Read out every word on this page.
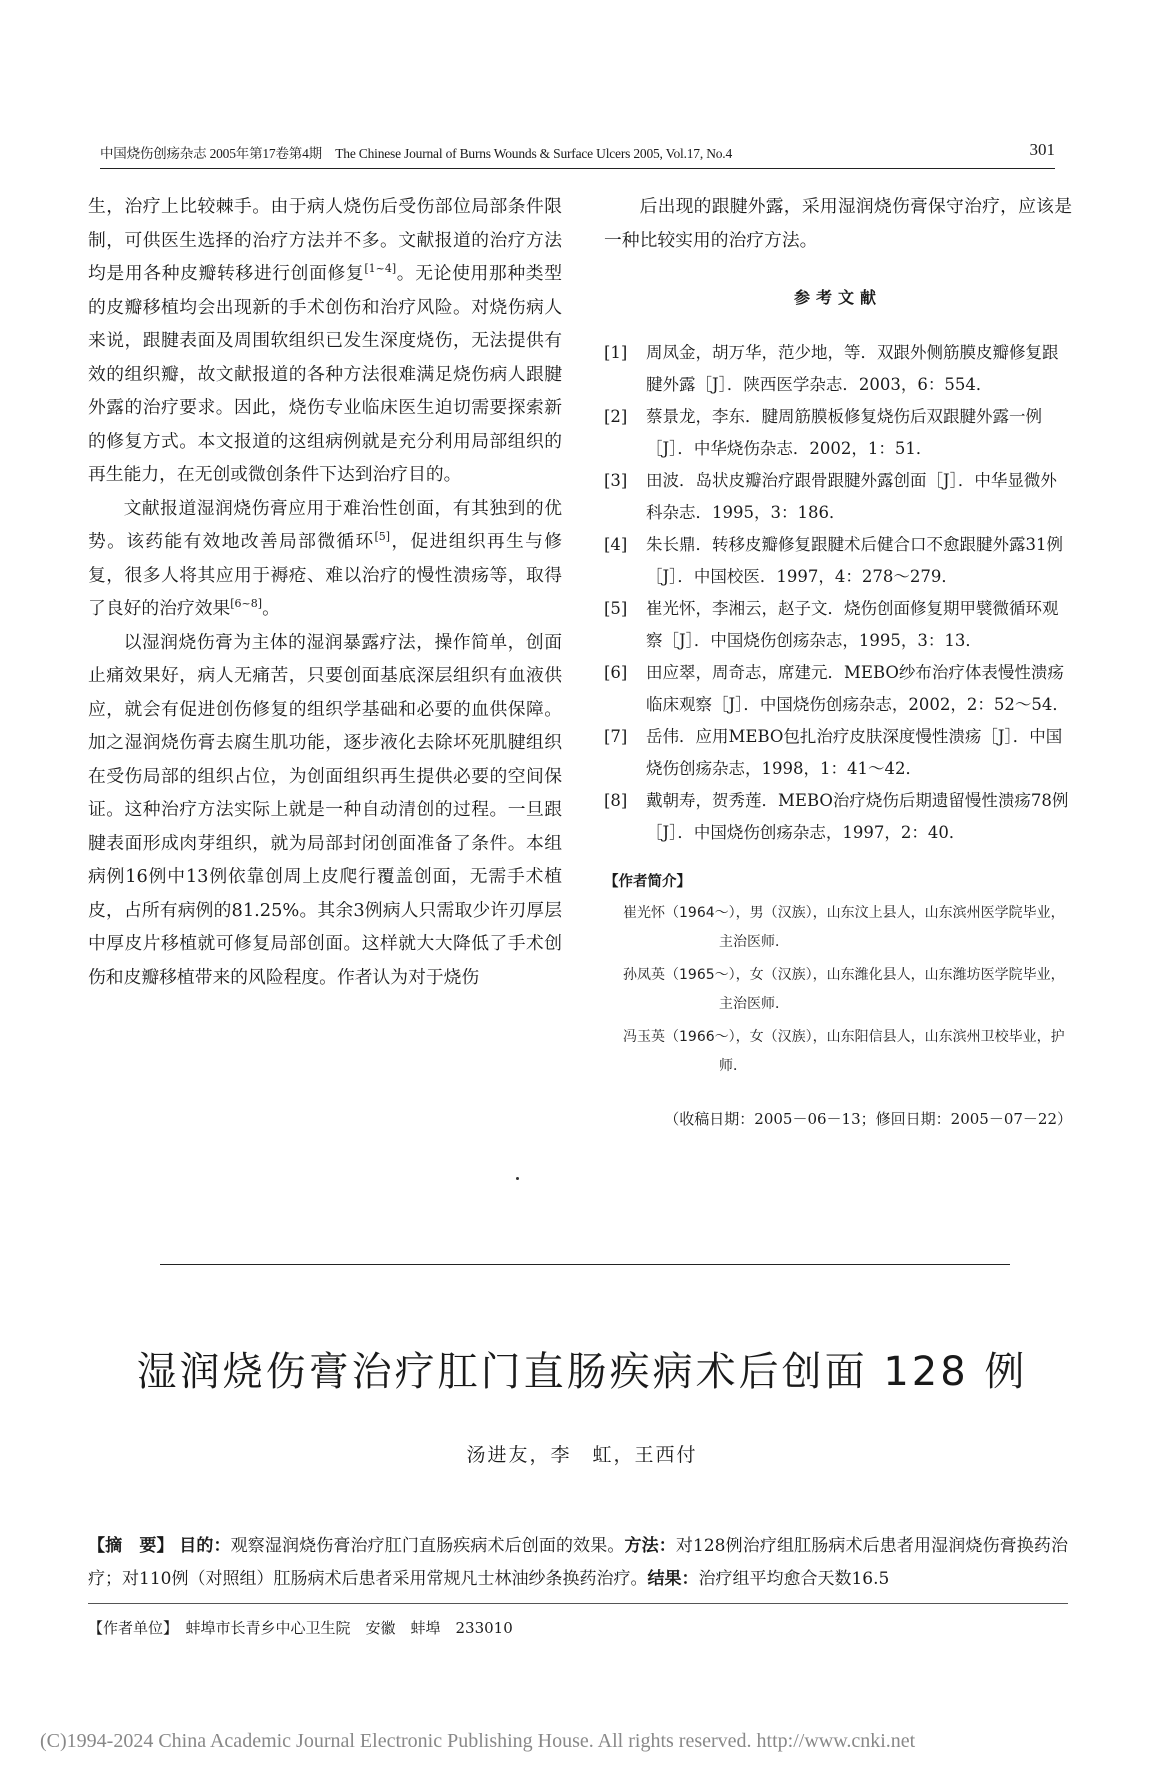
中国烧伤创疡杂志 2005年第17卷第4期　The Chinese Journal of Burns Wounds & Surface Ulcers 2005, Vol.17, No.4	301

生，治疗上比较棘手。由于病人烧伤后受伤部位局部条件限制，可供医生选择的治疗方法并不多。文献报道的治疗方法均是用各种皮瓣转移进行创面修复[1~4]。无论使用那种类型的皮瓣移植均会出现新的手术创伤和治疗风险。对烧伤病人来说，跟腱表面及周围软组织已发生深度烧伤，无法提供有效的组织瓣，故文献报道的各种方法很难满足烧伤病人跟腱外露的治疗要求。因此，烧伤专业临床医生迫切需要探索新的修复方式。本文报道的这组病例就是充分利用局部组织的再生能力，在无创或微创条件下达到治疗目的。

文献报道湿润烧伤膏应用于难治性创面，有其独到的优势。该药能有效地改善局部微循环[5]，促进组织再生与修复，很多人将其应用于褥疮、难以治疗的慢性溃疡等，取得了良好的治疗效果[6~8]。

以湿润烧伤膏为主体的湿润暴露疗法，操作简单，创面止痛效果好，病人无痛苦，只要创面基底深层组织有血液供应，就会有促进创伤修复的组织学基础和必要的血供保障。加之湿润烧伤膏去腐生肌功能，逐步液化去除坏死肌腱组织在受伤局部的组织占位，为创面组织再生提供必要的空间保证。这种治疗方法实际上就是一种自动清创的过程。一旦跟腱表面形成肉芽组织，就为局部封闭创面准备了条件。本组病例16例中13例依靠创周上皮爬行覆盖创面，无需手术植皮，占所有病例的81.25%。其余3例病人只需取少许刃厚层中厚皮片移植就可修复局部创面。这样就大大降低了手术创伤和皮瓣移植带来的风险程度。作者认为对于烧伤

后出现的跟腱外露，采用湿润烧伤膏保守治疗，应该是一种比较实用的治疗方法。

参考文献
[1] 周凤金，胡万华，范少地，等．双跟外侧筋膜皮瓣修复跟腱外露［J］．陕西医学杂志．2003，6：554．
[2] 蔡景龙，李东．腱周筋膜板修复烧伤后双跟腱外露一例［J］．中华烧伤杂志．2002，1：51．
[3] 田波．岛状皮瓣治疗跟骨跟腱外露创面［J］．中华显微外科杂志．1995，3：186．
[4] 朱长鼎．转移皮瓣修复跟腱术后健合口不愈跟腱外露31例［J］．中国校医．1997，4：278～279．
[5] 崔光怀，李湘云，赵子文．烧伤创面修复期甲襞微循环观察［J］．中国烧伤创疡杂志，1995，3：13．
[6] 田应翠，周奇志，席建元．MEBO纱布治疗体表慢性溃疡临床观察［J］．中国烧伤创疡杂志，2002，2：52～54．
[7] 岳伟．应用MEBO包扎治疗皮肤深度慢性溃疡［J］．中国烧伤创疡杂志，1998，1：41～42．
[8] 戴朝寿，贺秀莲．MEBO治疗烧伤后期遗留慢性溃疡78例［J］．中国烧伤创疡杂志，1997，2：40．
【作者简介】
崔光怀（1964～），男（汉族），山东汶上县人，山东滨州医学院毕业，主治医师．
孙凤英（1965～），女（汉族），山东潍化县人，山东潍坊医学院毕业，主治医师．
冯玉英（1966～），女（汉族），山东阳信县人，山东滨州卫校毕业，护师．
（收稿日期：2005－06－13；修回日期：2005－07－22）
湿润烧伤膏治疗肛门直肠疾病术后创面 128 例
汤进友，李　虹，王西付
【摘　要】 目的：观察湿润烧伤膏治疗肛门直肠疾病术后创面的效果。方法：对128例治疗组肛肠病术后患者用湿润烧伤膏换药治疗；对110例（对照组）肛肠病术后患者采用常规凡士林油纱条换药治疗。结果：治疗组平均愈合天数16.5
【作者单位】　蚌埠市长青乡中心卫生院　安徽　蚌埠　233010
(C)1994-2024 China Academic Journal Electronic Publishing House. All rights reserved. http://www.cnki.net
